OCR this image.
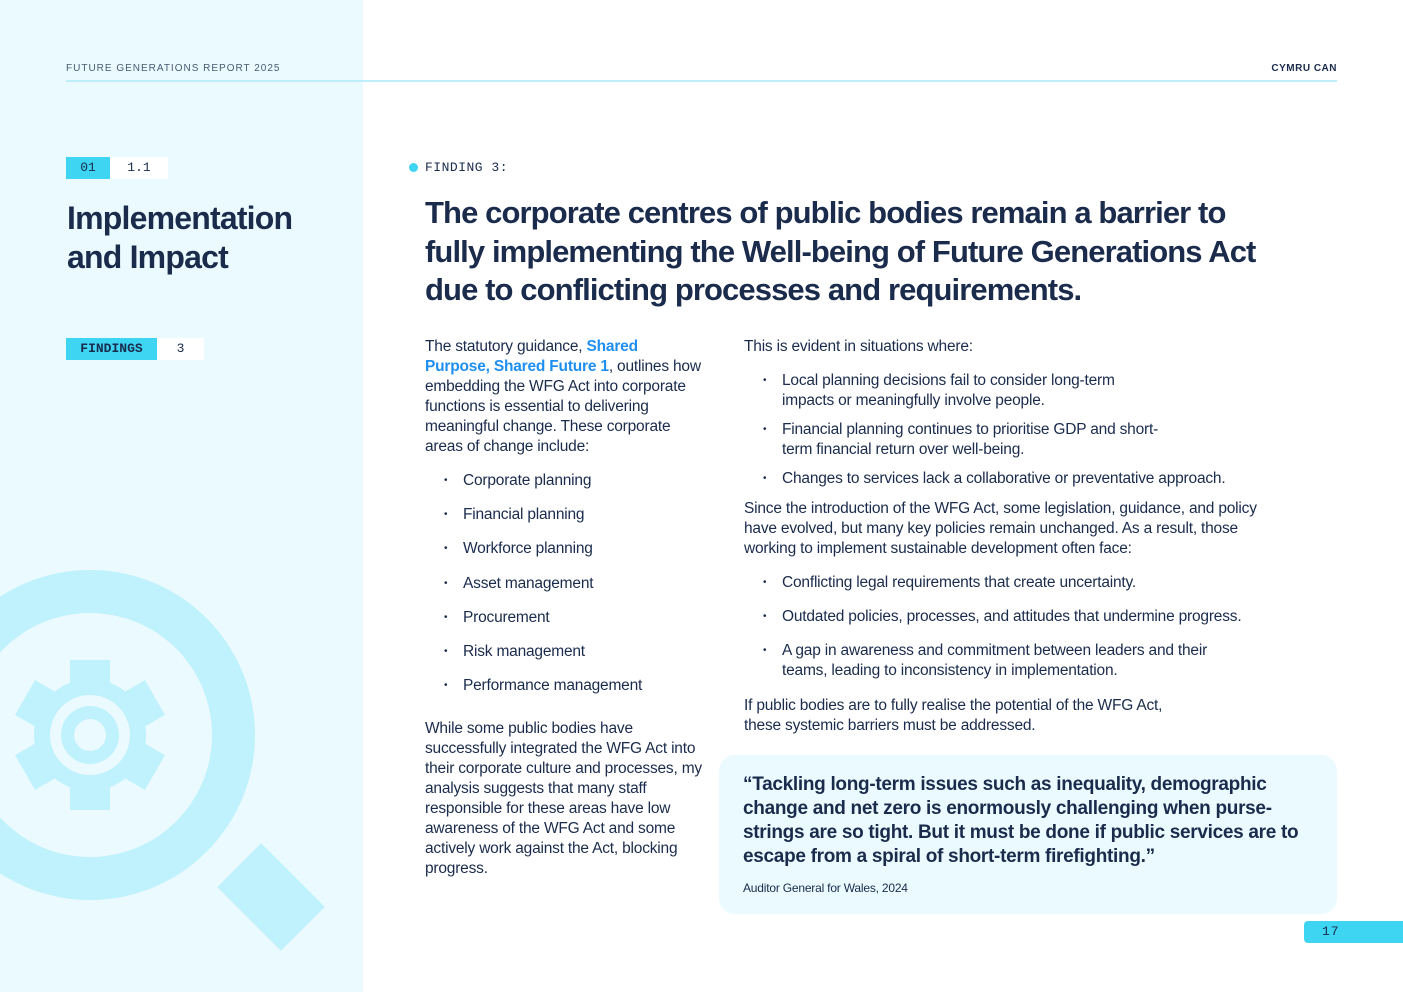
FUTURE GENERATIONS REPORT 2025	CYMRU CAN
01	1.1
Implementation and Impact
FINDINGS	3
FINDING 3:
The corporate centres of public bodies remain a barrier to fully implementing the Well-being of Future Generations Act due to conflicting processes and requirements.

The statutory guidance, Shared Purpose, Shared Future 1, outlines how embedding the WFG Act into corporate functions is essential to delivering meaningful change. These corporate areas of change include:

While some public bodies have successfully integrated the WFG Act into their corporate culture and processes, my analysis suggests that many staff responsible for these areas have low awareness of the WFG Act and some actively work against the Act, blocking progress.

• Corporate planning
• Financial planning
• Workforce planning
• Asset management
• Procurement
• Risk management
• Performance management

This is evident in situations where:

• Local planning decisions fail to consider long-term impacts or meaningfully involve people.
• Financial planning continues to prioritise GDP and short-term financial return over well-being.
• Changes to services lack a collaborative or preventative approach.

Since the introduction of the WFG Act, some legislation, guidance, and policy have evolved, but many key policies remain unchanged. As a result, those working to implement sustainable development often face:

• Conflicting legal requirements that create uncertainty.
• Outdated policies, processes, and attitudes that undermine progress.
• A gap in awareness and commitment between leaders and their teams, leading to inconsistency in implementation.

If public bodies are to fully realise the potential of the WFG Act, these systemic barriers must be addressed.

“Tackling long-term issues such as inequality, demographic change and net zero is enormously challenging when purse-strings are so tight. But it must be done if public services are to escape from a spiral of short-term firefighting.”
Auditor General for Wales, 2024
17
